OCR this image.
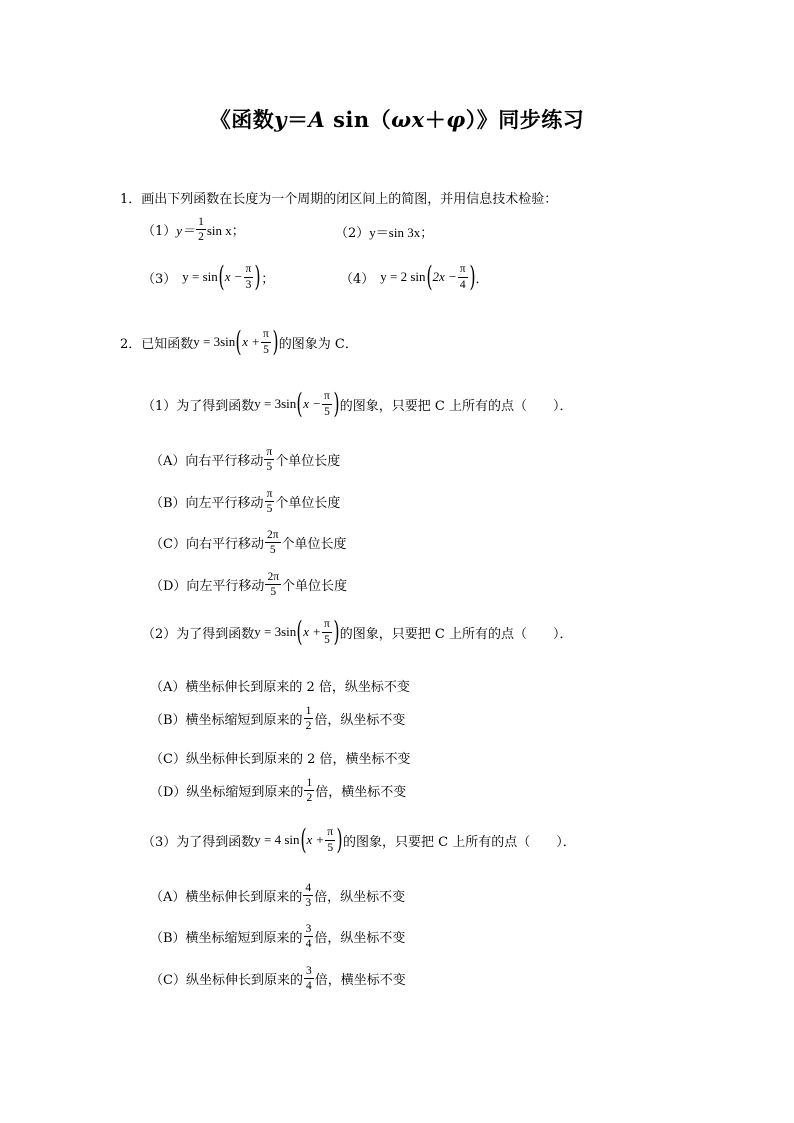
《函数y＝A sin（ωx＋φ）》同步练习
1．画出下列函数在长度为一个周期的闭区间上的简图，并用信息技术检验：
（1） $y= \frac{1}{2}$ sin x；	（2） y＝sin 3x；
（3） y = sin ( $x - \frac{\pi}{3}$ ) ；	（4） y = 2 sin ( $2x - \frac{\pi}{4}$ ) ．
2．已知函数 y = 3sin ( $x + \frac{\pi}{5}$ ) 的图象为 C．
（1）为了得到函数 y = 3sin ( $x - \frac{\pi}{5}$ ) 的图象，只要把 C 上所有的点（　　）．
（A）向右平行移动 $\frac{\pi}{5}$ 个单位长度
（B）向左平行移动 $\frac{\pi}{5}$ 个单位长度
（C）向右平行移动 $\frac{2\pi}{5}$ 个单位长度
（D）向左平行移动 $\frac{2\pi}{5}$ 个单位长度
（2）为了得到函数 y = 3sin ( $x + \frac{\pi}{5}$ ) 的图象，只要把 C 上所有的点（　　）．
（A）横坐标伸长到原来的 2 倍，纵坐标不变
（B）横坐标缩短到原来的 $\frac{1}{2}$ 倍，纵坐标不变
（C）纵坐标伸长到原来的 2 倍，横坐标不变
（D）纵坐标缩短到原来的 $\frac{1}{2}$ 倍，横坐标不变
（3）为了得到函数 y = 4 sin ( $x + \frac{\pi}{5}$ ) 的图象，只要把 C 上所有的点（　　）．
（A）横坐标伸长到原来的 $\frac{4}{3}$ 倍，纵坐标不变
（B）横坐标缩短到原来的 $\frac{3}{4}$ 倍，纵坐标不变
（C）纵坐标伸长到原来的 $\frac{3}{4}$ 倍，横坐标不变
